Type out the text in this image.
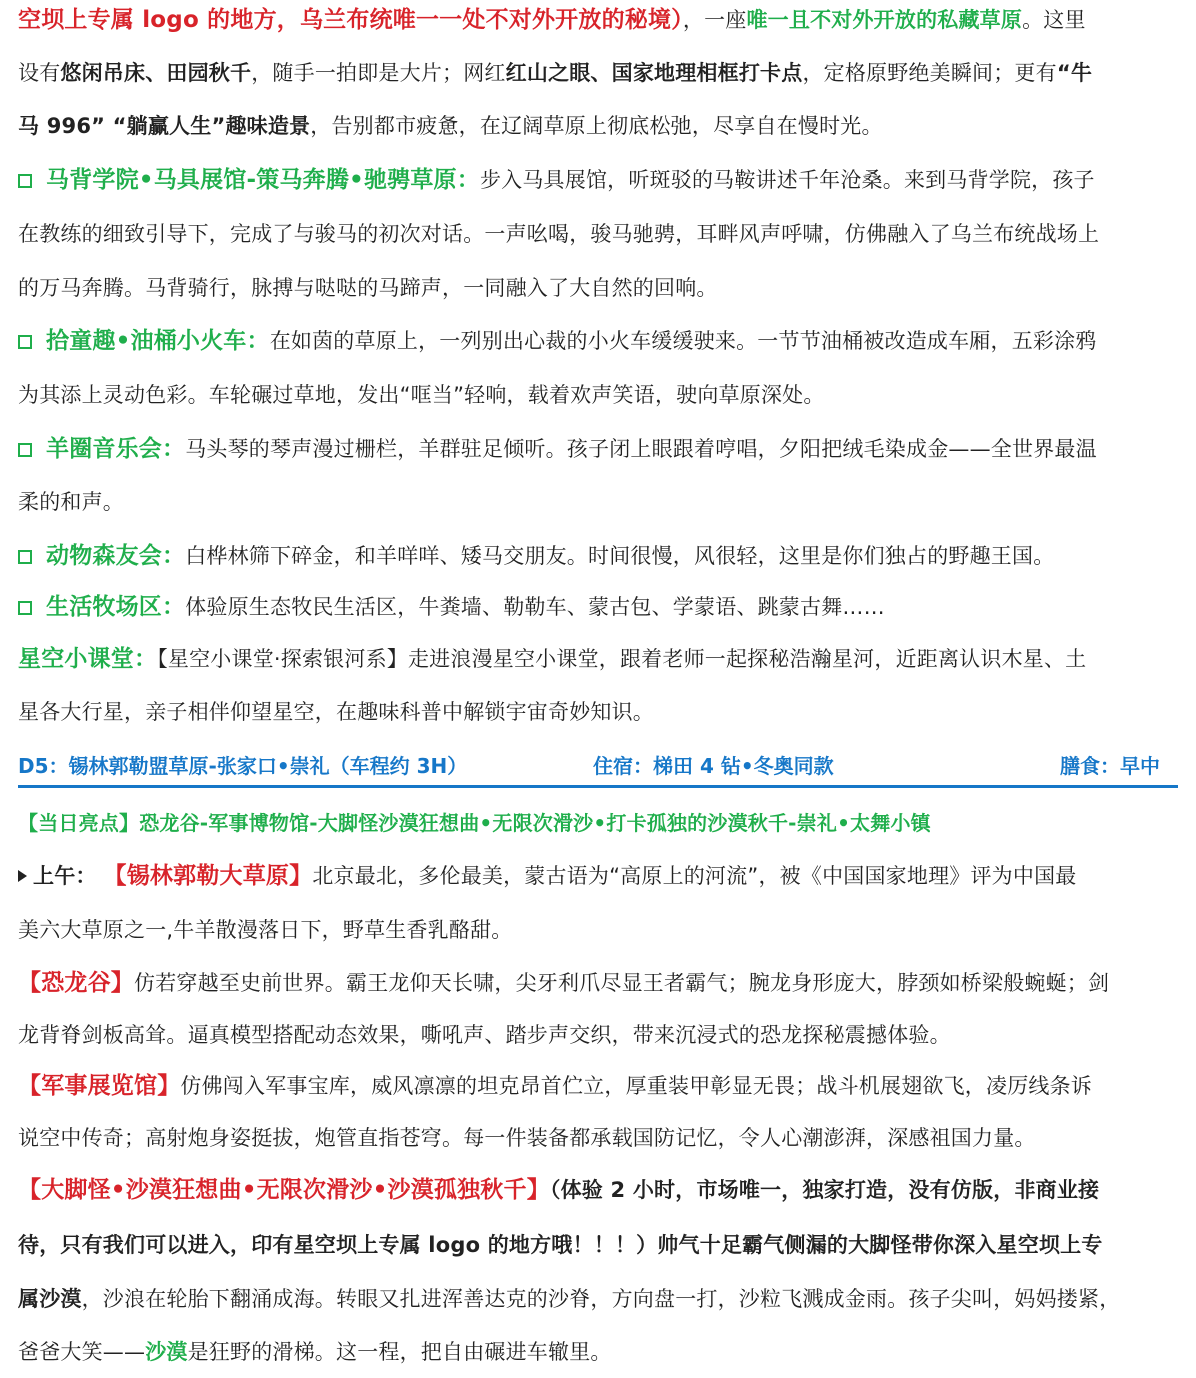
空坝上专属 logo 的地方，乌兰布统唯一一处不对外开放的秘境），一座唯一且不对外开放的私藏草原。这里
设有悠闲吊床、田园秋千，随手一拍即是大片；网红红山之眼、国家地理相框打卡点，定格原野绝美瞬间；更有“牛
马 996” “躺赢人生”趣味造景，告别都市疲惫，在辽阔草原上彻底松弛，尽享自在慢时光。
马背学院•马具展馆-策马奔腾•驰骋草原：步入马具展馆，听斑驳的马鞍讲述千年沧桑。来到马背学院，孩子
在教练的细致引导下，完成了与骏马的初次对话。一声吆喝，骏马驰骋，耳畔风声呼啸，仿佛融入了乌兰布统战场上
的万马奔腾。马背骑行，脉搏与哒哒的马蹄声，一同融入了大自然的回响。
拾童趣•油桶小火车：在如茵的草原上，一列别出心裁的小火车缓缓驶来。一节节油桶被改造成车厢，五彩涂鸦
为其添上灵动色彩。车轮碾过草地，发出“哐当”轻响，载着欢声笑语，驶向草原深处。
羊圈音乐会：马头琴的琴声漫过栅栏，羊群驻足倾听。孩子闭上眼跟着哼唱，夕阳把绒毛染成金——全世界最温
柔的和声。
动物森友会：白桦林筛下碎金，和羊咩咩、矮马交朋友。时间很慢，风很轻，这里是你们独占的野趣王国。
生活牧场区：体验原生态牧民生活区，牛粪墙、勒勒车、蒙古包、学蒙语、跳蒙古舞……
星空小课堂：【星空小课堂·探索银河系】走进浪漫星空小课堂，跟着老师一起探秘浩瀚星河，近距离认识木星、土
星各大行星，亲子相伴仰望星空，在趣味科普中解锁宇宙奇妙知识。
D5：锡林郭勒盟草原-张家口•崇礼（车程约 3H）	住宿：梯田 4 钻•冬奥同款	膳食：早中
【当日亮点】恐龙谷-军事博物馆-大脚怪沙漠狂想曲•无限次滑沙•打卡孤独的沙漠秋千-崇礼•太舞小镇
上午： 【锡林郭勒大草原】北京最北，多伦最美，蒙古语为“高原上的河流”，被《中国国家地理》评为中国最
美六大草原之一,牛羊散漫落日下，野草生香乳酪甜。
【恐龙谷】仿若穿越至史前世界。霸王龙仰天长啸，尖牙利爪尽显王者霸气；腕龙身形庞大，脖颈如桥梁般蜿蜒；剑
龙背脊剑板高耸。逼真模型搭配动态效果，嘶吼声、踏步声交织，带来沉浸式的恐龙探秘震撼体验。
【军事展览馆】仿佛闯入军事宝库，威风凛凛的坦克昂首伫立，厚重装甲彰显无畏；战斗机展翅欲飞，凌厉线条诉
说空中传奇；高射炮身姿挺拔，炮管直指苍穹。每一件装备都承载国防记忆，令人心潮澎湃，深感祖国力量。
【大脚怪•沙漠狂想曲•无限次滑沙•沙漠孤独秋千】（体验 2 小时，市场唯一，独家打造，没有仿版，非商业接
待，只有我们可以进入，印有星空坝上专属 logo 的地方哦！！！）帅气十足霸气侧漏的大脚怪带你深入星空坝上专
属沙漠，沙浪在轮胎下翻涌成海。转眼又扎进浑善达克的沙脊，方向盘一打，沙粒飞溅成金雨。孩子尖叫，妈妈搂紧，
爸爸大笑——沙漠是狂野的滑梯。这一程，把自由碾进车辙里。
